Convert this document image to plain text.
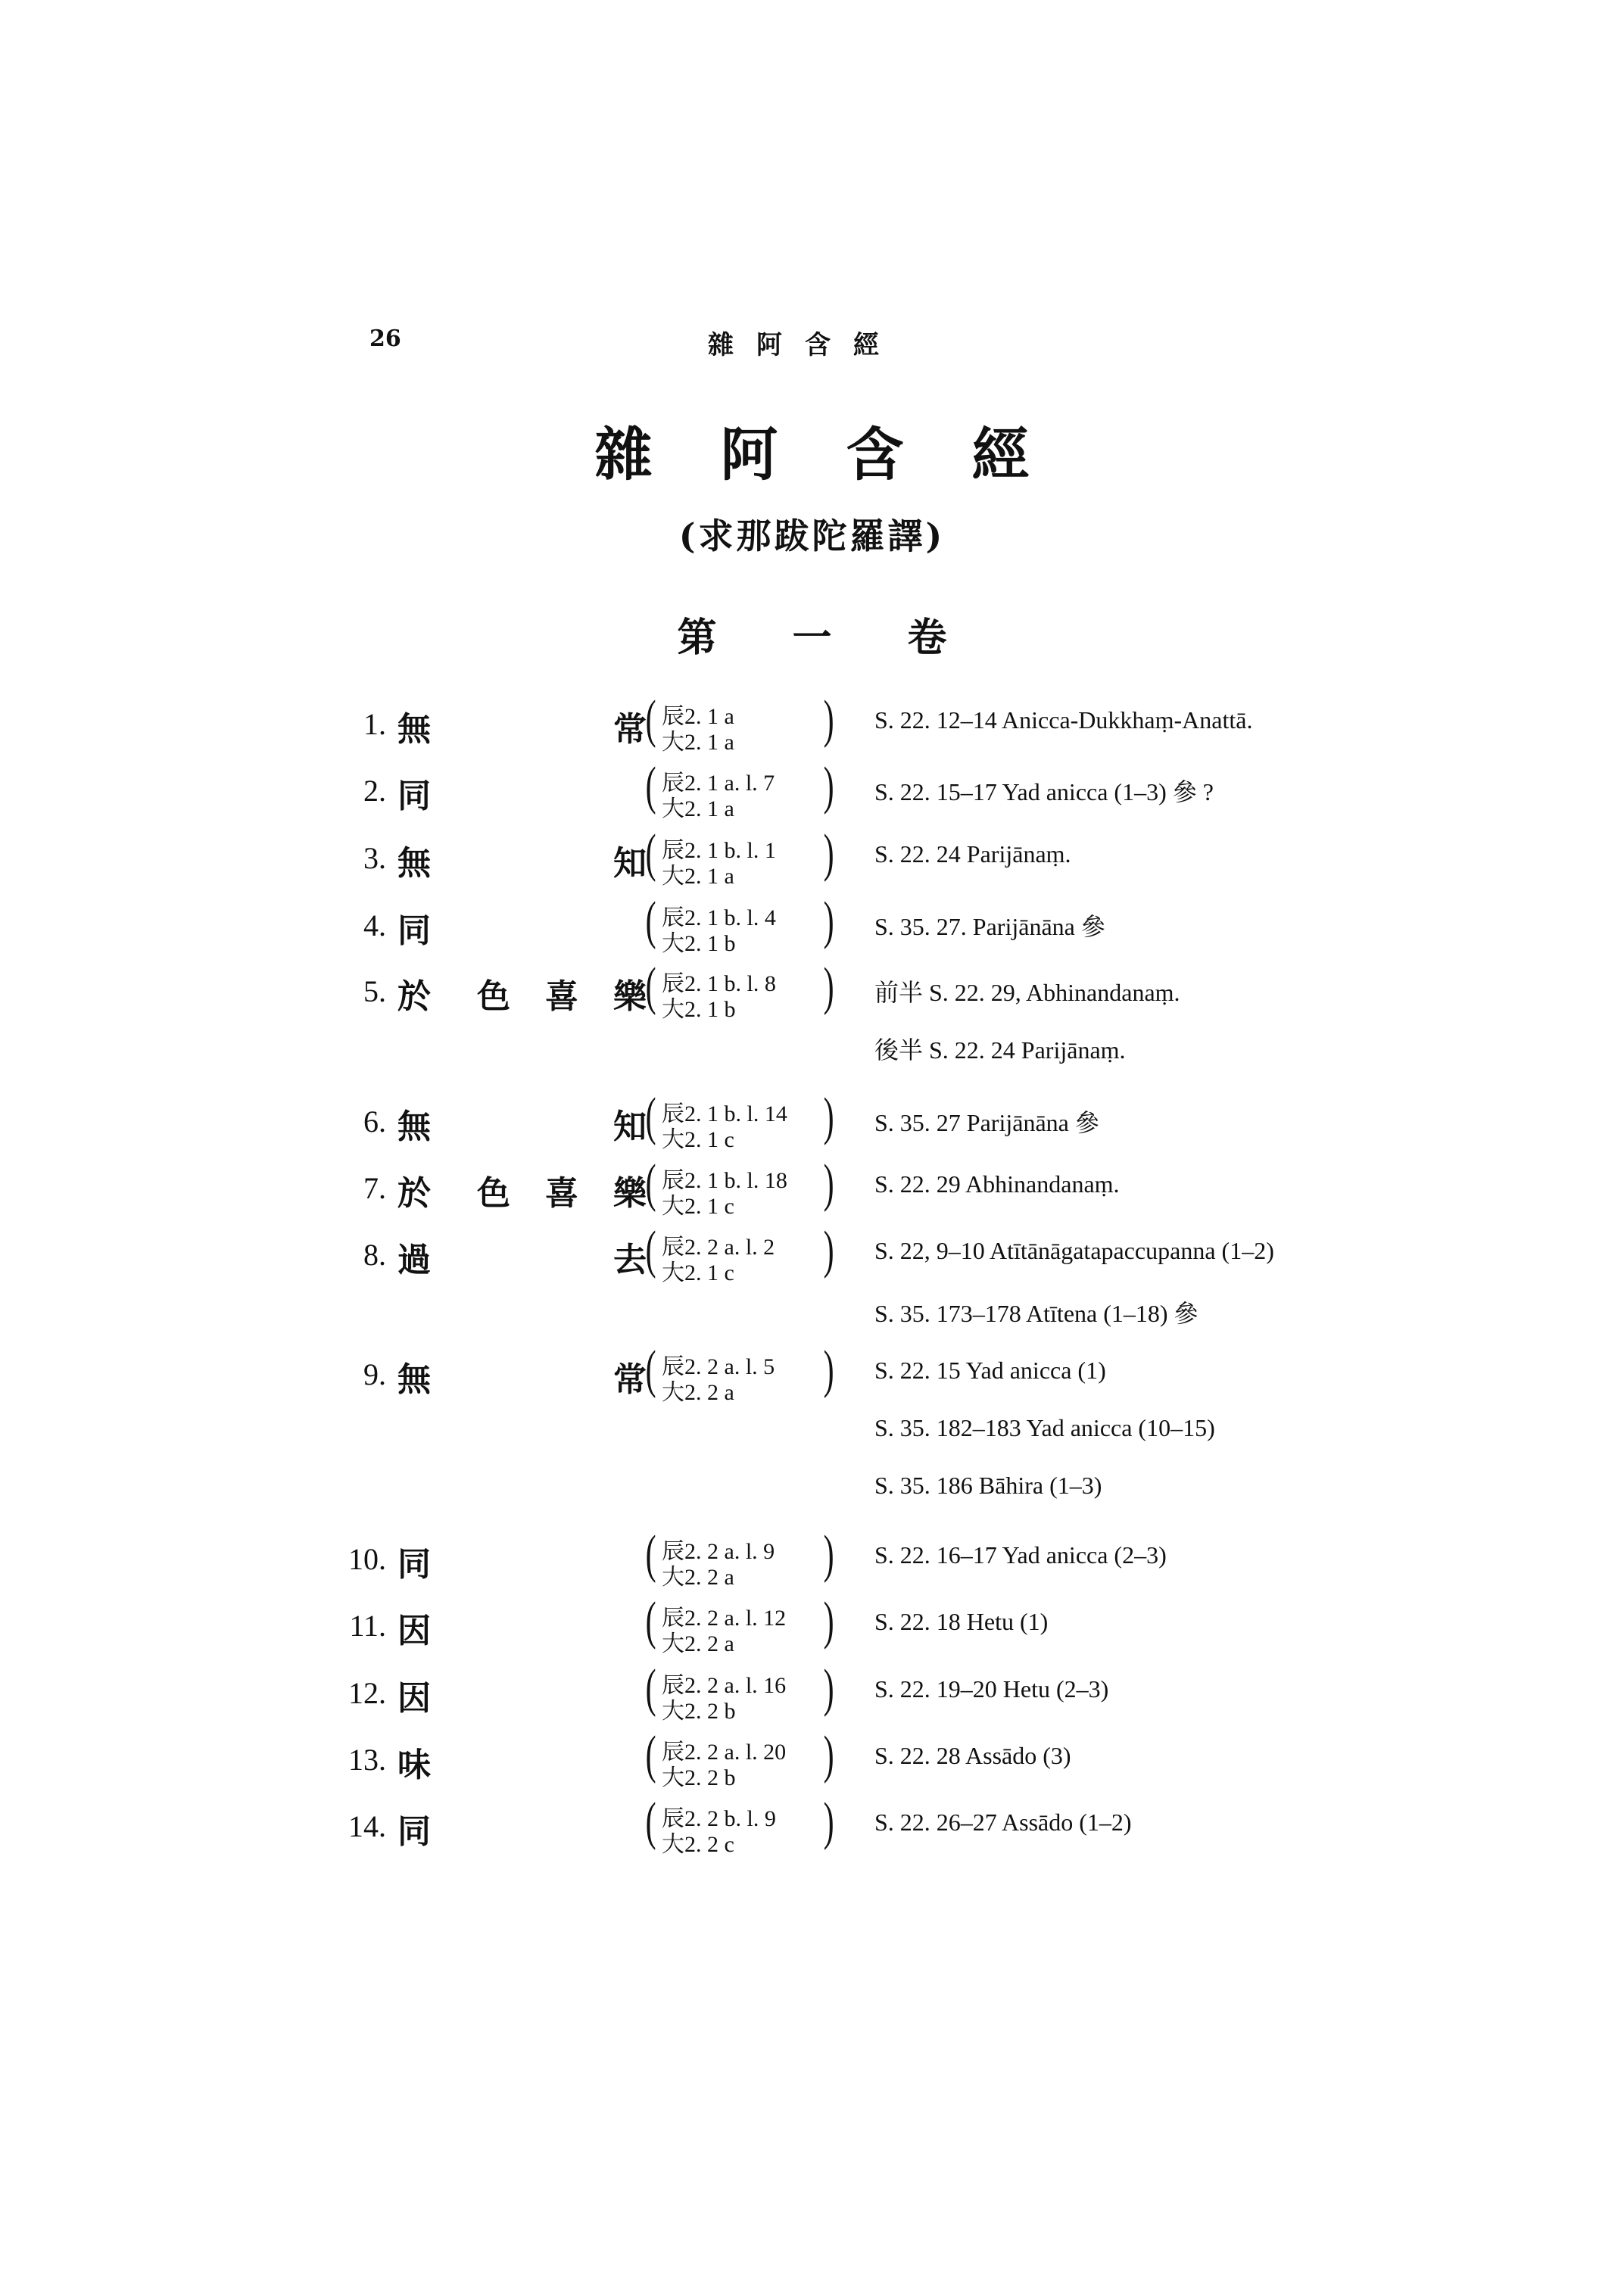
26	雜阿含經
雜阿含經
(求那跋陀羅譯)
第一卷
1. 無	常
( 辰2. 1 a
大2. 1 a ) S. 22. 12–14 Anicca-Dukkhaṃ-Anattā.
2. 同	( 辰2. 1 a. l. 7
大2. 1 a ) S. 22. 15–17 Yad anicca (1–3) 參 ?
3. 無	知
( 辰2. 1 b. l. 1
大2. 1 a ) S. 22. 24 Parijānaṃ.
4. 同	( 辰2. 1 b. l. 4
大2. 1 b ) S. 35. 27. Parijānāna 參
5. 於 色 喜 樂
( 辰2. 1 b. l. 8
大2. 1 b ) 前半 S. 22. 29, Abhinandanaṃ.
後半 S. 22. 24 Parijānaṃ.
6. 無	知
( 辰2. 1 b. l. 14
大2. 1 c ) S. 35. 27 Parijānāna 參
7. 於 色 喜 樂
( 辰2. 1 b. l. 18
大2. 1 c ) S. 22. 29 Abhinandanaṃ.
8. 過	去
( 辰2. 2 a. l. 2
大2. 1 c ) S. 22, 9–10 Atītānāgatapaccupanna (1–2)
S. 35. 173–178 Atītena (1–18) 參
9. 無	常
( 辰2. 2 a. l. 5
大2. 2 a ) S. 22. 15 Yad anicca (1)
S. 35. 182–183 Yad anicca (10–15)
S. 35. 186 Bāhira (1–3)
10. 同	( 辰2. 2 a. l. 9
大2. 2 a ) S. 22. 16–17 Yad anicca (2–3)
11. 因	( 辰2. 2 a. l. 12
大2. 2 a ) S. 22. 18 Hetu (1)
12. 因	( 辰2. 2 a. l. 16
大2. 2 b ) S. 22. 19–20 Hetu (2–3)
13. 味	( 辰2. 2 a. l. 20
大2. 2 b ) S. 22. 28 Assādo (3)
14. 同	( 辰2. 2 b. l. 9
大2. 2 c ) S. 22. 26–27 Assādo (1–2)
